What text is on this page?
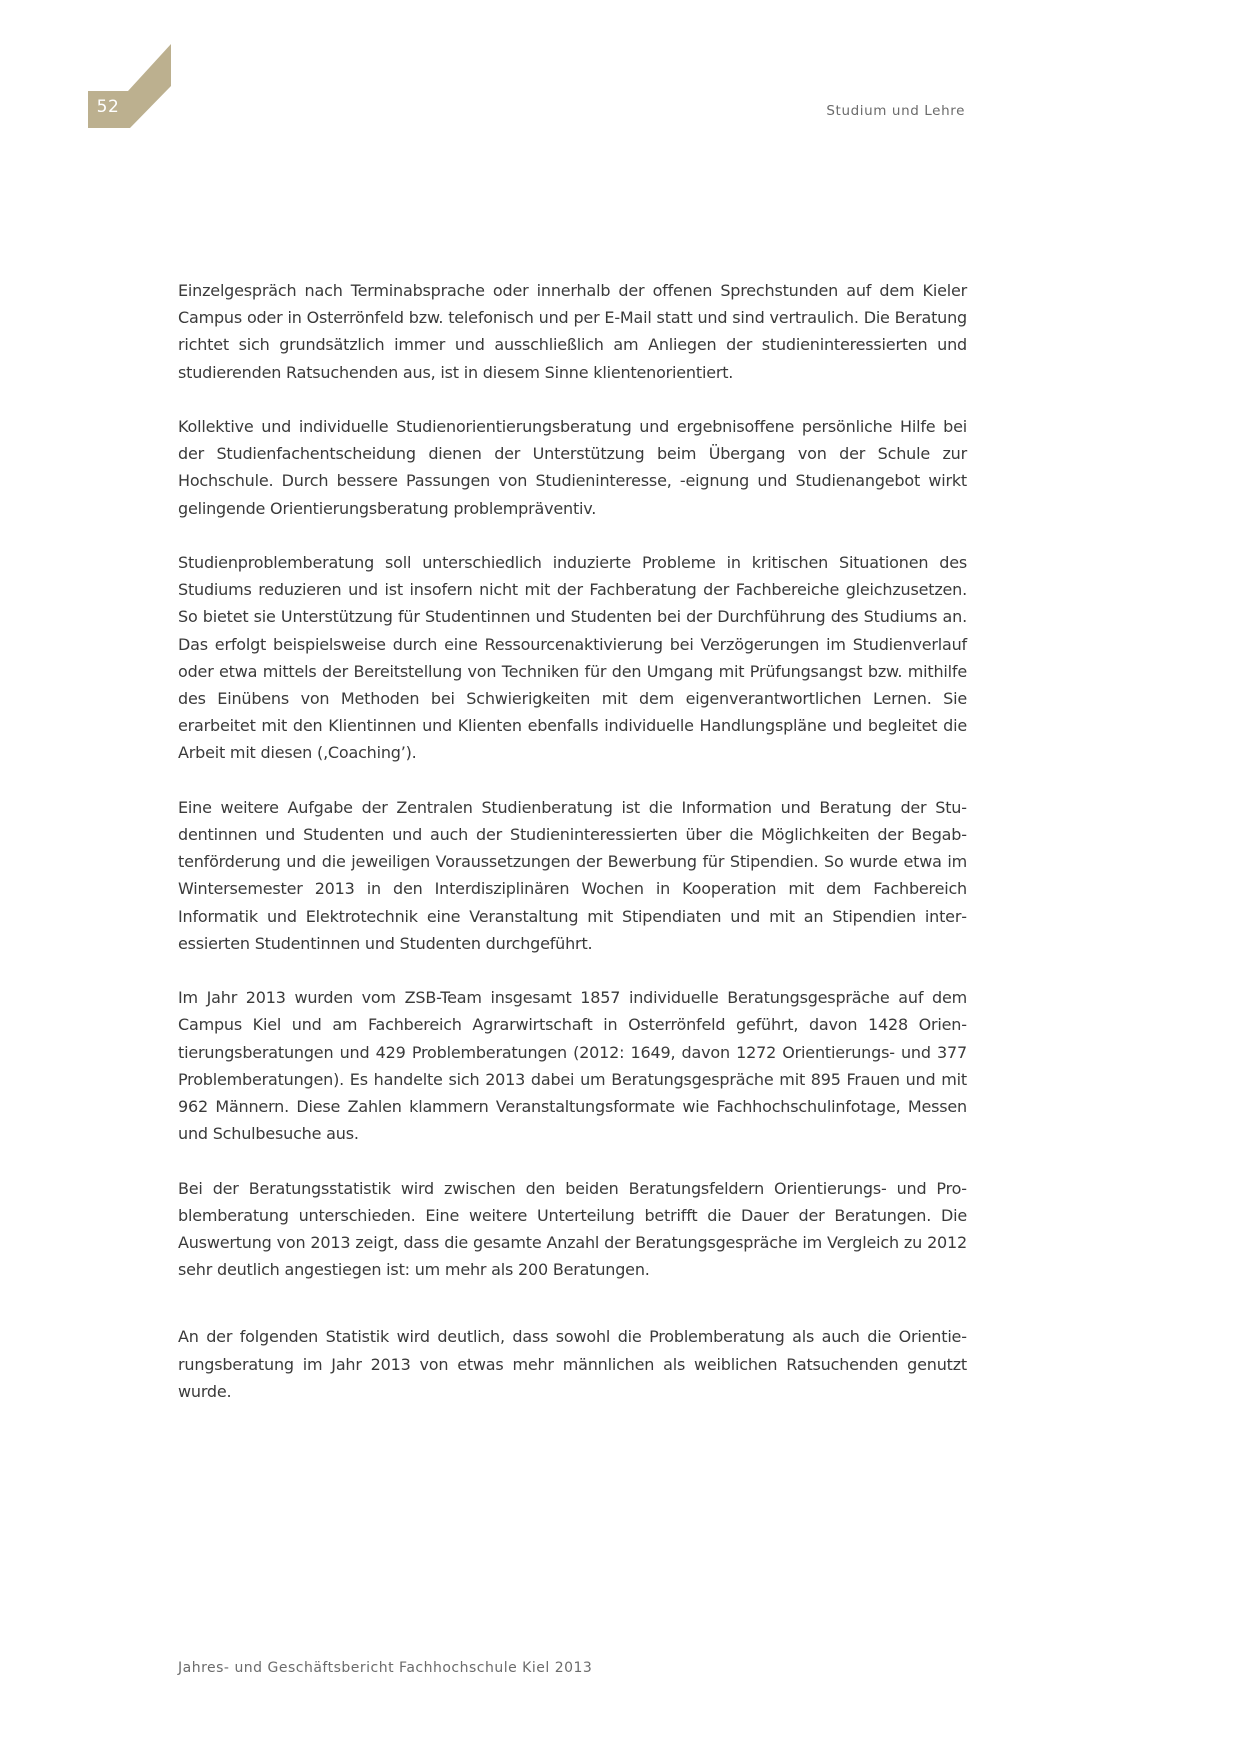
52	Studium und Lehre

Einzelgespräch nach Terminabsprache oder innerhalb der offenen Sprechstunden auf dem Kieler Campus oder in Osterrönfeld bzw. telefonisch und per E-Mail statt und sind vertraulich. Die Beratung richtet sich grundsätzlich immer und ausschließlich am Anliegen der studieninteressierten und studierenden Ratsuchenden aus, ist in diesem Sinne klientenorientiert.

Kollektive und individuelle Studienorientierungsberatung und ergebnisoffene persönliche Hilfe bei der Studienfachentscheidung dienen der Unterstützung beim Übergang von der Schule zur Hochschule. Durch bessere Passungen von Studieninteresse, -eignung und Studienangebot wirkt gelingende Orientierungsberatung problempräventiv.

Studienproblemberatung soll unterschiedlich induzierte Probleme in kritischen Situationen des Studiums reduzieren und ist insofern nicht mit der Fachberatung der Fachbereiche gleichzusetzen. So bietet sie Unterstützung für Studentinnen und Studenten bei der Durchführung des Studiums an. Das erfolgt beispielsweise durch eine Ressourcenaktivierung bei Verzögerungen im Studienverlauf oder etwa mittels der Bereitstellung von Techniken für den Umgang mit Prüfungsangst bzw. mithilfe des Einübens von Methoden bei Schwierigkeiten mit dem eigenverantwortlichen Lernen. Sie erarbeitet mit den Klientinnen und Klienten ebenfalls individuelle Handlungspläne und begleitet die Arbeit mit diesen (‚Coaching’).

Eine weitere Aufgabe der Zentralen Studienberatung ist die Information und Beratung der Studentinnen und Studenten und auch der Studieninteressierten über die Möglichkeiten der Begabtenförderung und die jeweiligen Voraussetzungen der Bewerbung für Stipendien. So wurde etwa im Wintersemester 2013 in den Interdisziplinären Wochen in Kooperation mit dem Fachbereich Informatik und Elektrotechnik eine Veranstaltung mit Stipendiaten und mit an Stipendien interessierten Studentinnen und Studenten durchgeführt.

Im Jahr 2013 wurden vom ZSB-Team insgesamt 1857 individuelle Beratungsgespräche auf dem Campus Kiel und am Fachbereich Agrarwirtschaft in Osterrönfeld geführt, davon 1428 Orientierungsberatungen und 429 Problemberatungen (2012: 1649, davon 1272 Orientierungs- und 377 Problemberatungen). Es handelte sich 2013 dabei um Beratungsgespräche mit 895 Frauen und mit 962 Männern. Diese Zahlen klammern Veranstaltungsformate wie Fachhochschulinfotage, Messen und Schulbesuche aus.

Bei der Beratungsstatistik wird zwischen den beiden Beratungsfeldern Orientierungs- und Problemberatung unterschieden. Eine weitere Unterteilung betrifft die Dauer der Beratungen. Die Auswertung von 2013 zeigt, dass die gesamte Anzahl der Beratungsgespräche im Vergleich zu 2012 sehr deutlich angestiegen ist: um mehr als 200 Beratungen.

An der folgenden Statistik wird deutlich, dass sowohl die Problemberatung als auch die Orientierungsberatung im Jahr 2013 von etwas mehr männlichen als weiblichen Ratsuchenden genutzt wurde.

Jahres- und Geschäftsbericht Fachhochschule Kiel 2013
